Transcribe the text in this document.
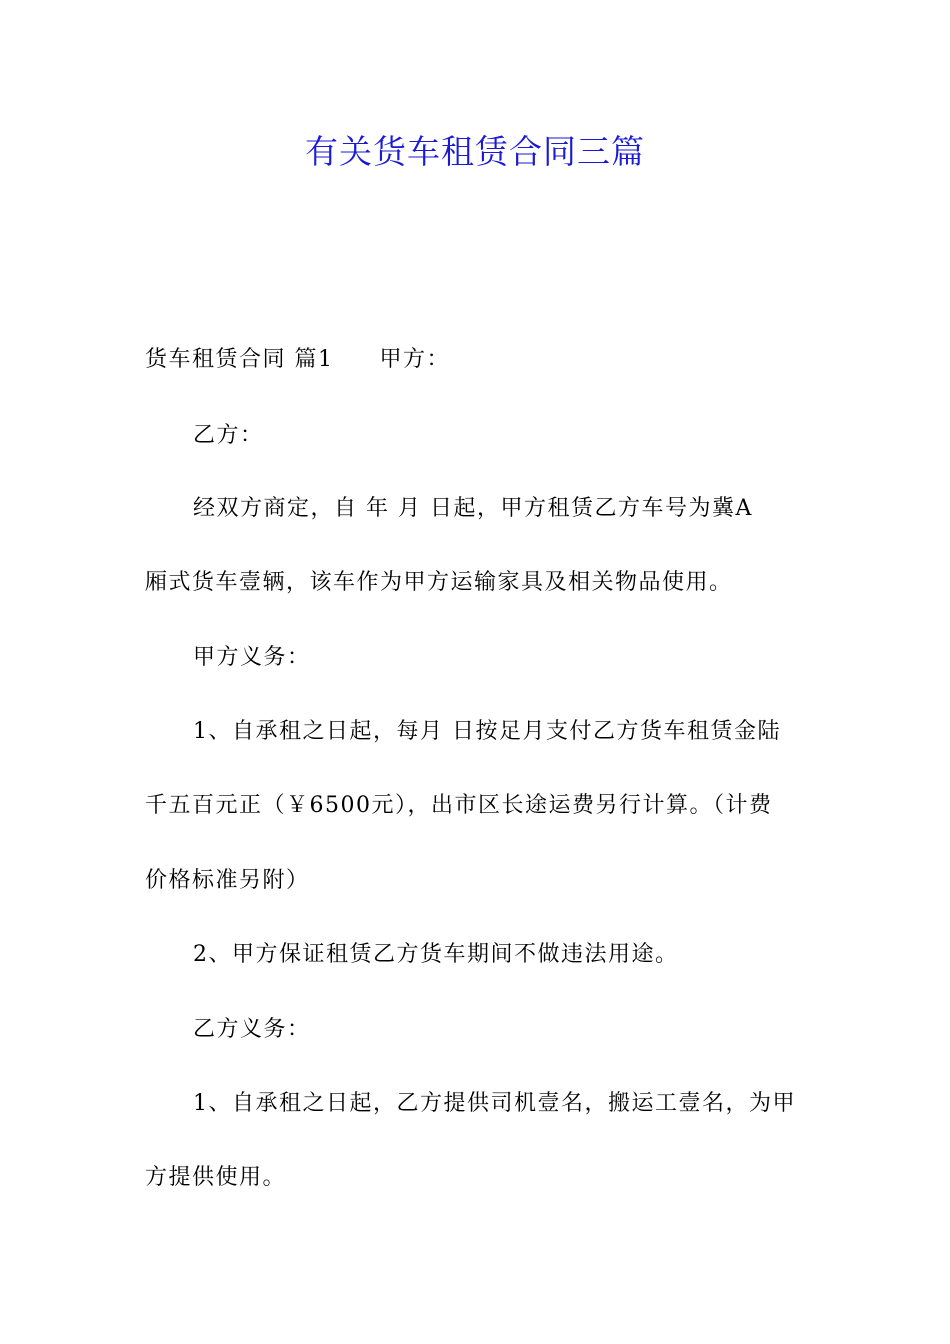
有关货车租赁合同三篇

货车租赁合同 篇1 甲方：

乙方：

经双方商定，自 年 月 日起，甲方租赁乙方车号为冀A

厢式货车壹辆，该车作为甲方运输家具及相关物品使用。

甲方义务：

1、自承租之日起，每月 日按足月支付乙方货车租赁金陆

千五百元正（￥6500元），出市区长途运费另行计算。（计费

价格标准另附）

2、甲方保证租赁乙方货车期间不做违法用途。

乙方义务：

1、自承租之日起，乙方提供司机壹名，搬运工壹名，为甲

方提供使用。
